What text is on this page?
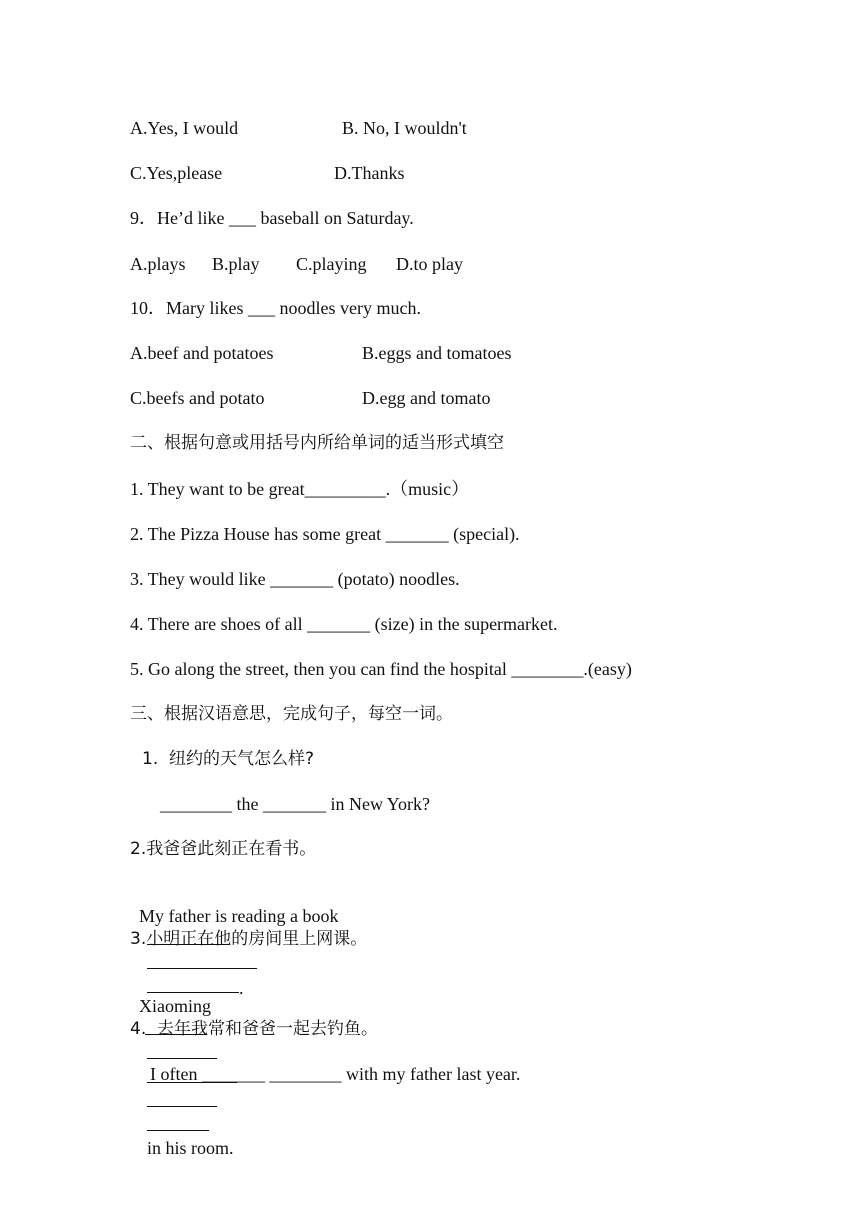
A.Yes, I would	B. No, I wouldn't
C.Yes,please	D.Thanks
9．He’d like ___ baseball on Saturday.
A.plays B.play C.playing D.to play
10．Mary likes ___ noodles very much.
A.beef and potatoes	B.eggs and tomatoes
C.beefs and potato	D.egg and tomato
二、根据句意或用括号内所给单词的适当形式填空
1. They want to be great_________.（music）
2. The Pizza House has some great _______ (special).
3. They would like _______ (potato) noodles.
4. There are shoes of all _______ (size) in the supermarket.
5. Go along the street, then you can find the hospital ________.(easy)
三、根据汉语意思，完成句子，每空一词。
1.  纽约的天气怎么样?
________ the _______ in New York?
2.我爸爸此刻正在看书。

My father is reading a book

.

3.小明正在他的房间里上网课。

Xiaoming

in his room.

4.  去年我常和爸爸一起去钓鱼。
I often _______ ________ with my father last year.
